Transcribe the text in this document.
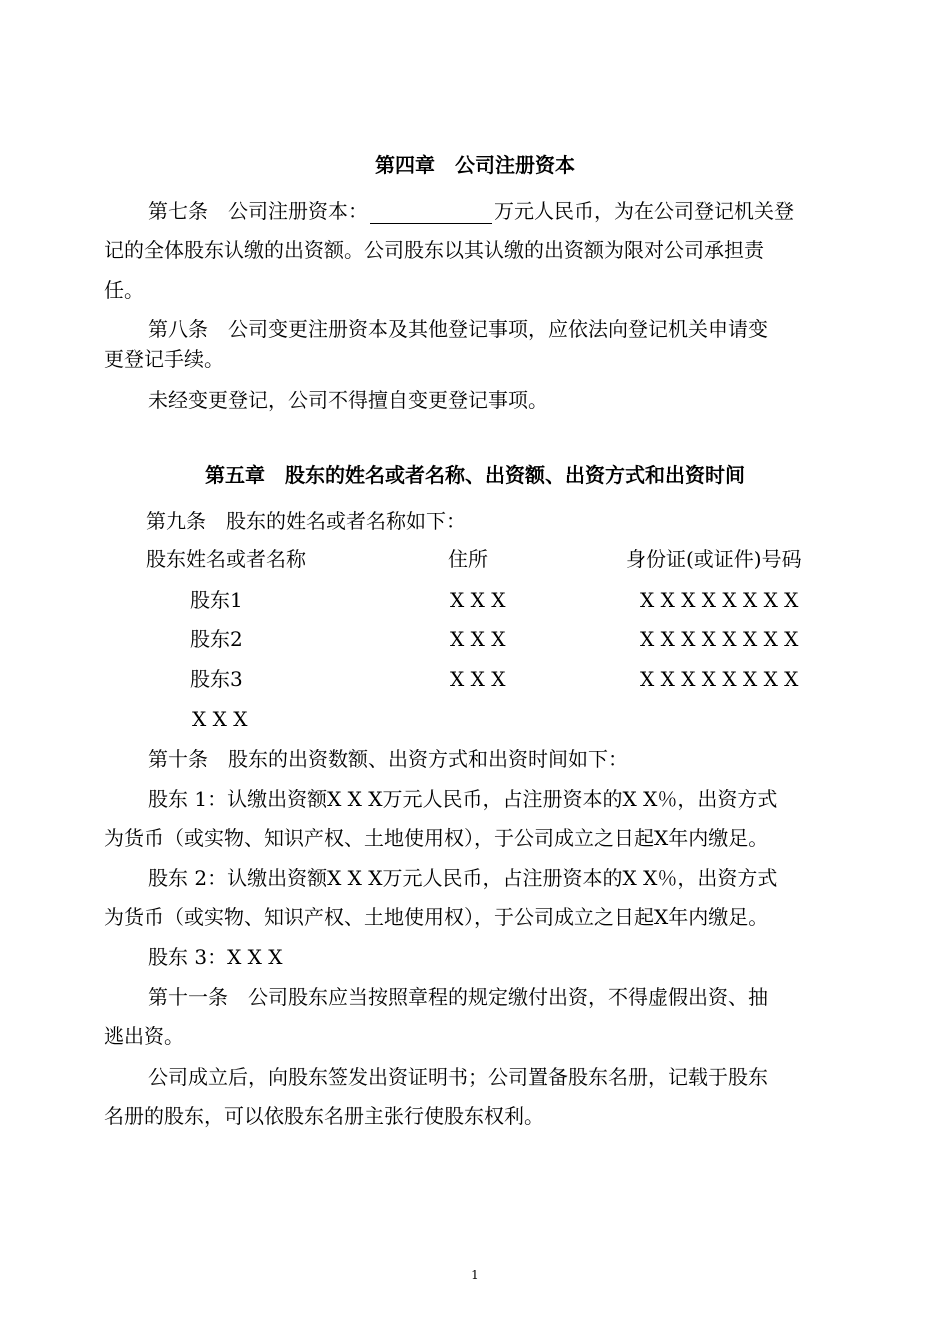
第四章　公司注册资本
第七条　 公司注册资本：	万元人民币，为在公司登记机关登
记的全体股东认缴的出资额。公司股东以其认缴的出资额为限对公司承担责
任。
第八条　公司变更注册资本及其他登记事项，应依法向登记机关申请变
更登记手续。
未经变更登记，公司不得擅自变更登记事项。
第五章　股东的姓名或者名称、出资额、出资方式和出资时间
第九条　股东的姓名或者名称如下：
股东姓名或者名称	住所	身份证(或证件)号码
股东1	X X X	X X X X X X X X
股东2	X X X	X X X X X X X X
股东3	X X X	X X X X X X X X
X X X
第十条　股东的出资数额、出资方式和出资时间如下：
股东 1：认缴出资额X X X万元人民币，占注册资本的X X％，出资方式
为货币（或实物、知识产权、土地使用权），于公司成立之日起X年内缴足。
股东 2：认缴出资额X X X万元人民币，占注册资本的X X％，出资方式
为货币（或实物、知识产权、土地使用权），于公司成立之日起X年内缴足。
股东 3：X X X
第十一条　公司股东应当按照章程的规定缴付出资，不得虚假出资、抽
逃出资。
公司成立后，向股东签发出资证明书；公司置备股东名册，记载于股东
名册的股东，可以依股东名册主张行使股东权利。
1
